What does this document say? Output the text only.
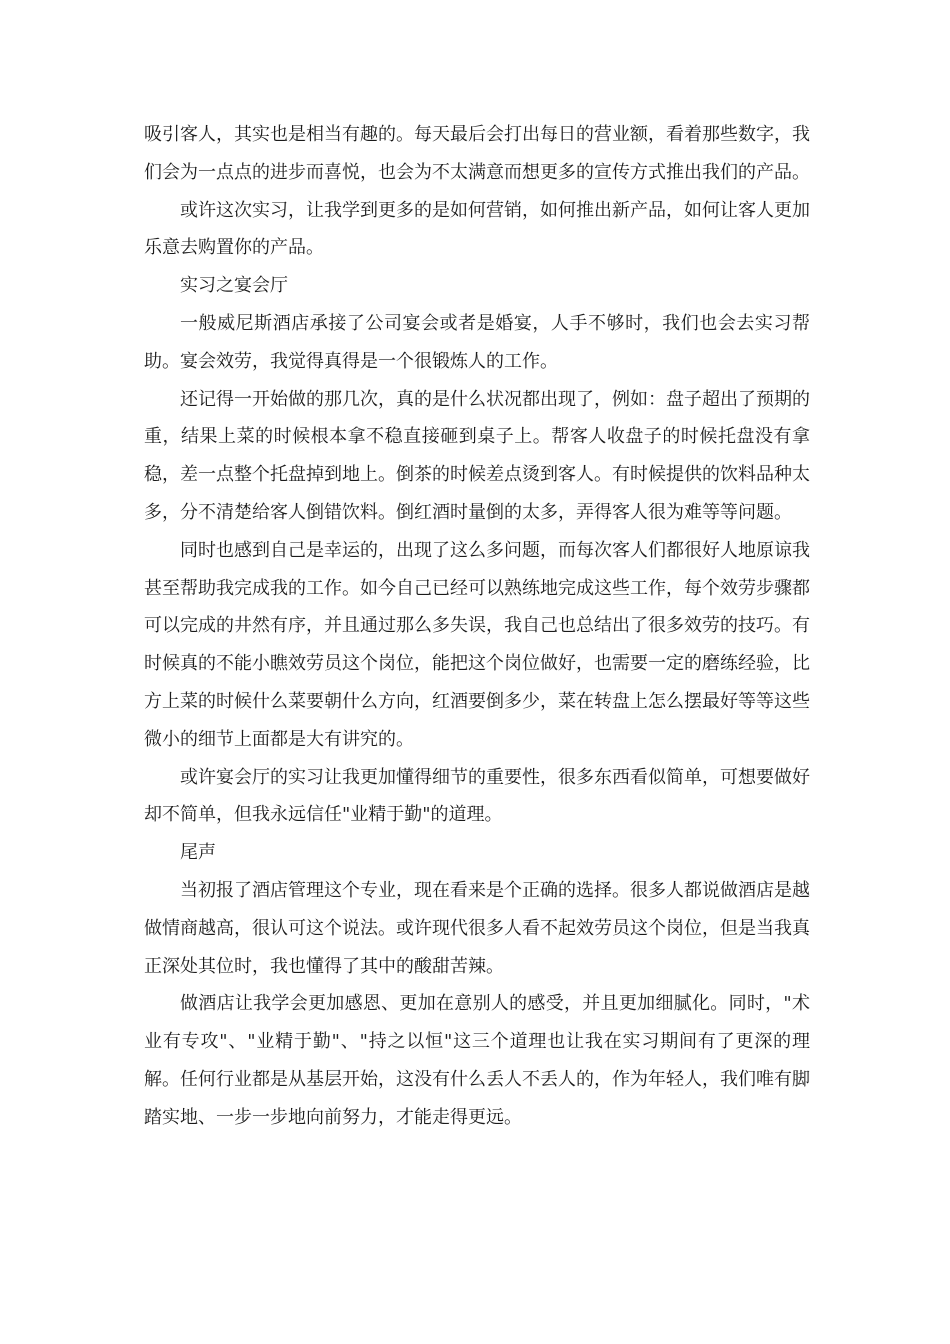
吸引客人，其实也是相当有趣的。每天最后会打出每日的营业额，看着那些数字，我们会为一点点的进步而喜悦，也会为不太满意而想更多的宣传方式推出我们的产品。

或许这次实习，让我学到更多的是如何营销，如何推出新产品，如何让客人更加乐意去购置你的产品。

实习之宴会厅

一般威尼斯酒店承接了公司宴会或者是婚宴，人手不够时，我们也会去实习帮助。宴会效劳，我觉得真得是一个很锻炼人的工作。

还记得一开始做的那几次，真的是什么状况都出现了，例如：盘子超出了预期的重，结果上菜的时候根本拿不稳直接砸到桌子上。帮客人收盘子的时候托盘没有拿稳，差一点整个托盘掉到地上。倒茶的时候差点烫到客人。有时候提供的饮料品种太多，分不清楚给客人倒错饮料。倒红酒时量倒的太多，弄得客人很为难等等问题。

同时也感到自己是幸运的，出现了这么多问题，而每次客人们都很好人地原谅我甚至帮助我完成我的工作。如今自己已经可以熟练地完成这些工作，每个效劳步骤都可以完成的井然有序，并且通过那么多失误，我自己也总结出了很多效劳的技巧。有时候真的不能小瞧效劳员这个岗位，能把这个岗位做好，也需要一定的磨练经验，比方上菜的时候什么菜要朝什么方向，红酒要倒多少，菜在转盘上怎么摆最好等等这些微小的细节上面都是大有讲究的。

或许宴会厅的实习让我更加懂得细节的重要性，很多东西看似简单，可想要做好却不简单，但我永远信任"业精于勤"的道理。

尾声

当初报了酒店管理这个专业，现在看来是个正确的选择。很多人都说做酒店是越做情商越高，很认可这个说法。或许现代很多人看不起效劳员这个岗位，但是当我真正深处其位时，我也懂得了其中的酸甜苦辣。

做酒店让我学会更加感恩、更加在意别人的感受，并且更加细腻化。同时，"术业有专攻"、"业精于勤"、"持之以恒"这三个道理也让我在实习期间有了更深的理解。任何行业都是从基层开始，这没有什么丢人不丢人的，作为年轻人，我们唯有脚踏实地、一步一步地向前努力，才能走得更远。
